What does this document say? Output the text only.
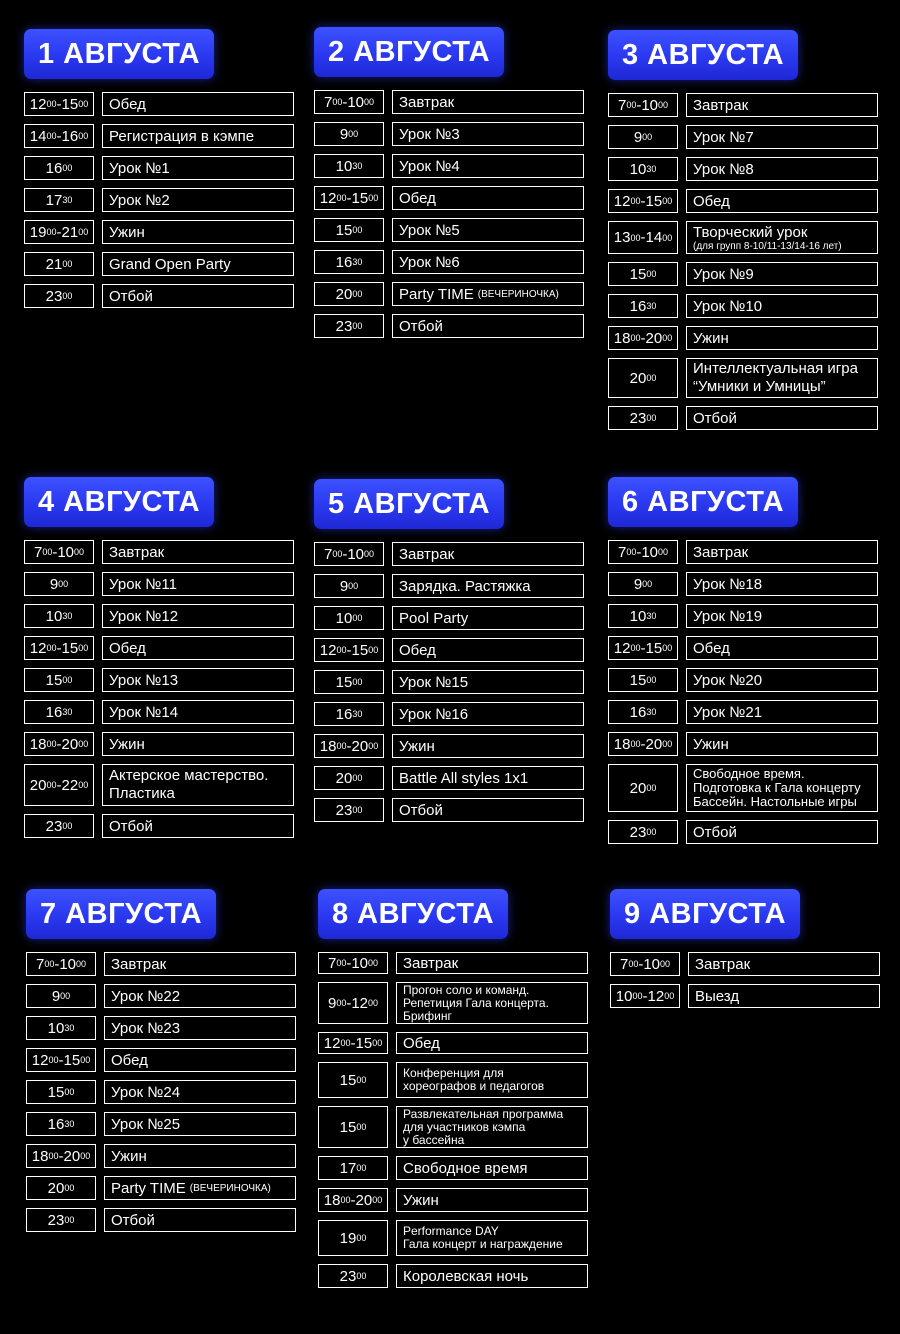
1 АВГУСТА
12 00 -15 00 Обед
14 00 -16 00 Регистрация в кэмпе
16 00 Урок №1
17 30 Урок №2
19 00 -21 00 Ужин
21 00 Grand Open Party
23 00 Отбой
2 АВГУСТА
7 00 -10 00 Завтрак
9 00	Урок №3
10 30 Урок №4
12 00 -15 00 Обед
15 00 Урок №5
16 30 Урок №6
20 00 Party TIME (ВЕЧЕРИНОЧКА)
23 00 Отбой
3 АВГУСТА
7 00 -10 00 Завтрак
9 00	Урок №7
10 30 Урок №8
12 00 -15 00 Обед
13 00 -14 00 Творческий урок
(для групп 8-10/11-13/14-16 лет)
15 00 Урок №9
16 30 Урок №10
18 00 -20 00 Ужин
20 00
Интеллектуальная игра
“Умники и Умницы”
23 00 Отбой
4 АВГУСТА
7 00 -10 00 Завтрак
9 00	Урок №11
10 30 Урок №12
12 00 -15 00 Обед
15 00 Урок №13
16 30 Урок №14
18 00 -20 00 Ужин
20 00 -22 00
Актерское мастерство.
Пластика
23 00 Отбой
5 АВГУСТА
7 00 -10 00 Завтрак
9 00	Зарядка. Растяжка
10 00 Pool Party
12 00 -15 00 Обед
15 00 Урок №15
16 30 Урок №16
18 00 -20 00 Ужин
20 00 Battle All styles 1x1
23 00 Отбой
6 АВГУСТА
7 00 -10 00 Завтрак
9 00	Урок №18
10 30 Урок №19
12 00 -15 00 Обед
15 00 Урок №20
16 30 Урок №21
18 00 -20 00 Ужин
20 00
Свободное время.
Подготовка к Гала концерту
Бассейн. Настольные игры
23 00 Отбой
7 АВГУСТА
7 00 -10 00 Завтрак
9 00	Урок №22
10 30 Урок №23
12 00 -15 00 Обед
15 00 Урок №24
16 30 Урок №25
18 00 -20 00 Ужин
20 00 Party TIME (ВЕЧЕРИНОЧКА)
23 00 Отбой
8 АВГУСТА
7 00 -10 00 Завтрак
9 00 -12 00
Прогон соло и команд.
Репетиция Гала концерта.
Брифинг
12 00 -15 00 Обед
15 00	Конференция для
хореографов и педагогов
15 00
Развлекательная программа
для участников кэмпа
у бассейна
17 00 Свободное время
18 00 -20 00 Ужин
19 00	Performance DAY
Гала концерт и награждение
23 00 Королевская ночь
9 АВГУСТА
7 00 -10 00 Завтрак
10 00 -12 00 Выезд
